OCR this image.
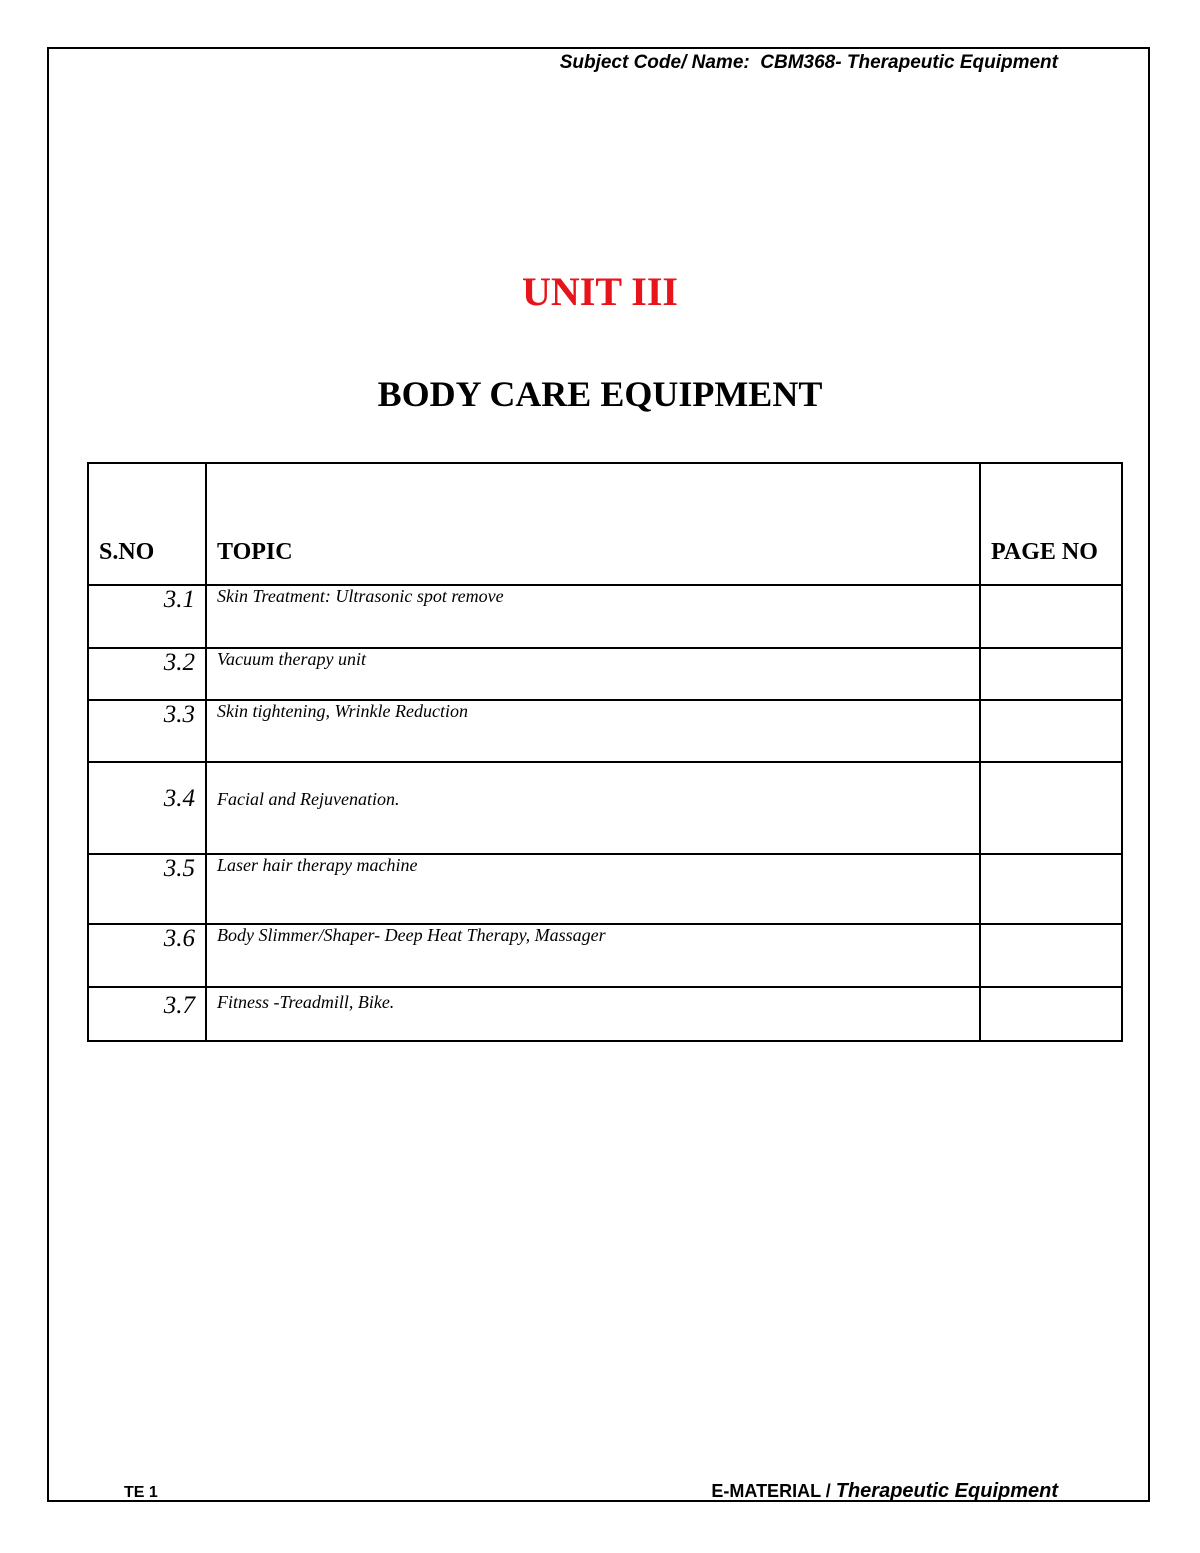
Subject Code/ Name:  CBM368- Therapeutic Equipment
UNIT III
BODY CARE EQUIPMENT
S.NO	TOPIC	PAGE NO
3.1	Skin Treatment: Ultrasonic spot remove	
3.2	Vacuum therapy unit	
3.3	Skin tightening, Wrinkle Reduction	
3.4	Facial and Rejuvenation.	
3.5	Laser hair therapy machine	
3.6	Body Slimmer/Shaper- Deep Heat Therapy, Massager	
3.7	Fitness -Treadmill, Bike.	
TE 1	E-MATERIAL / Therapeutic Equipment
